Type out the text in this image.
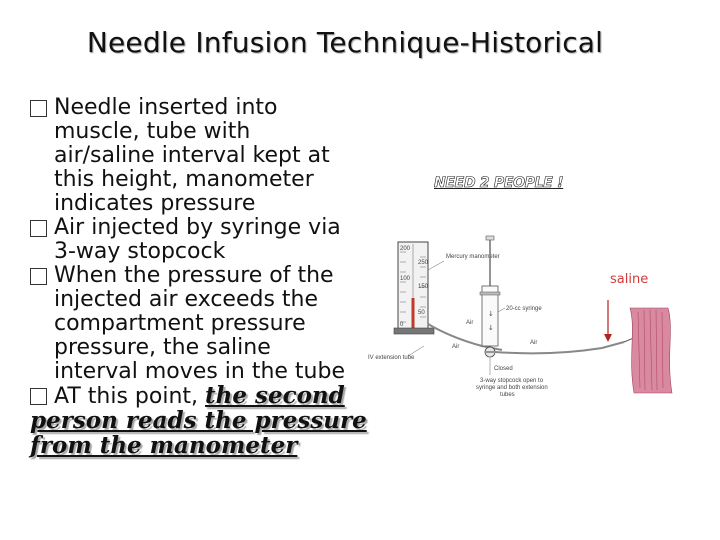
Needle Infusion Technique-Historical
Needle inserted into
muscle, tube with
air/saline interval kept at
this height, manometer
indicates pressure
Air injected by syringe via
3-way stopcock
When the pressure of the
injected air exceeds the
compartment pressure
pressure, the saline
interval moves in the tube
AT this point, the second
person reads the pressure
from the manometer
NEED 2 PEOPLE !
saline
200
100
0
250
150
50
Mercury manometer
IV extension tube
↓
↓
20-cc syringe
Air
Air
Air
Closed
3-way stopcock open to
syringe and both extension
tubes
